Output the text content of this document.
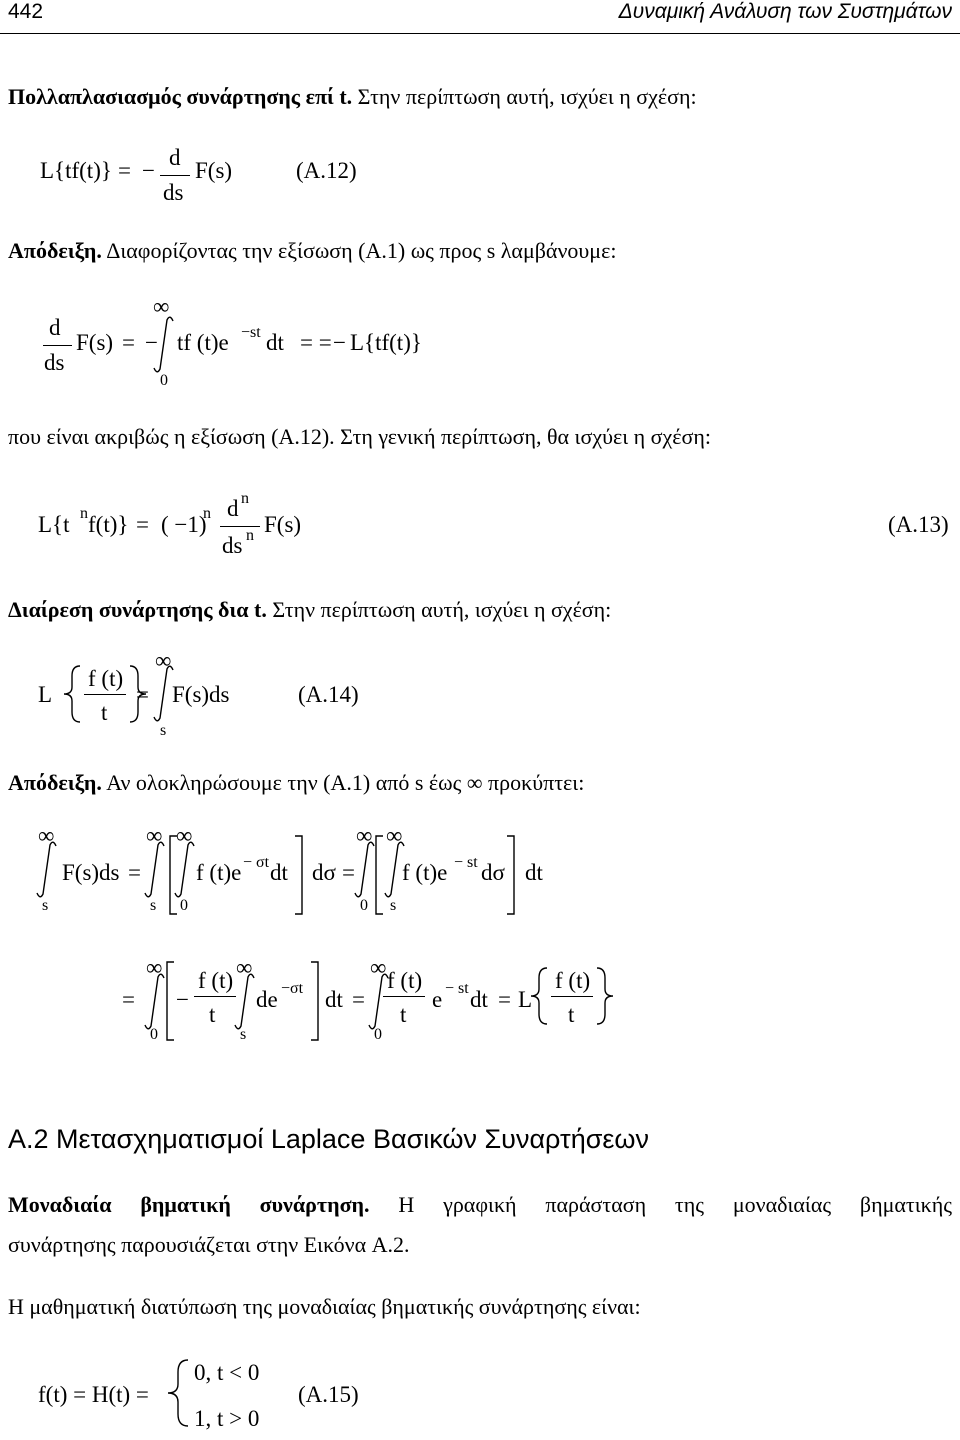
442	Δυναμική Ανάλυση των Συστημάτων
Πολλαπλασιασμός συνάρτησης επί t. Στην περίπτωση αυτή, ισχύει η σχέση:
L{tf(t)} = −
d
ds
F(s)	(A.12)
Απόδειξη. Διαφορίζοντας την εξίσωση (A.1) ως προς s λαμβάνουμε:
d
ds
F(s) = −
∞
0
tf (t)e −st dt = = − L{tf(t)}
που είναι ακριβώς η εξίσωση (A.12). Στη γενική περίπτωση, θα ισχύει η σχέση:
L{t n f(t)} = ( −1)
n d n
ds n F(s)	(A.13)
Διαίρεση συνάρτησης δια t. Στην περίπτωση αυτή, ισχύει η σχέση:
L
f (t)
t
=
∞
s
F(s)ds	(A.14)
Απόδειξη. Αν ολοκληρώσουμε την (A.1) από s έως ∞ προκύπτει:
∞
s
F(s)ds =
∞
s
∞
0
f (t)e − σt dt dσ =
∞
0
∞
s
f (t)e − st dσ dt
=
∞
0
−
f (t)
t
∞
s
de −σt dt =
∞
0
f (t)
t
e − st dt = L
f (t)
t
A.2 Μετασχηματισμοί Laplace Βασικών Συναρτήσεων
Μοναδιαία βηματική συνάρτηση. Η γραφική παράσταση της μοναδιαίας βηματικής
συνάρτησης παρουσιάζεται στην Εικόνα A.2.
Η μαθηματική διατύπωση της μοναδιαίας βηματικής συνάρτησης είναι:
f(t) = H(t) =
0, t < 0
1, t > 0
(A.15)
